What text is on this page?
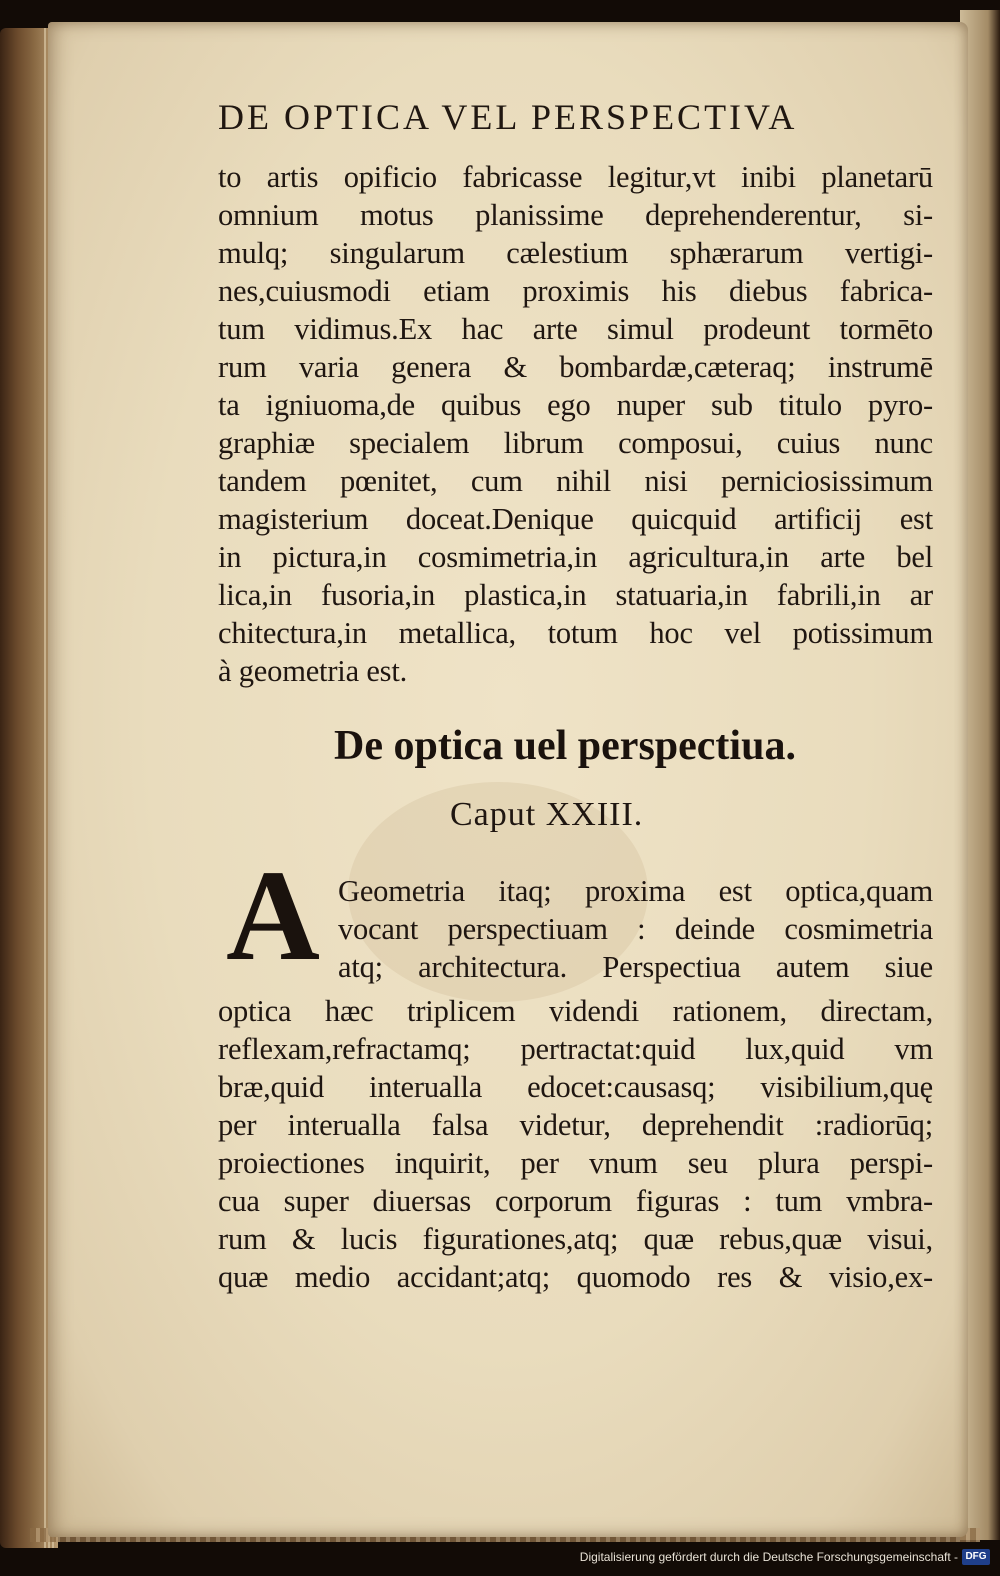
DE OPTICA VEL PERSPECTIVA
to artis opificio fabricasse legitur,vt inibi planetarū
omnium motus planissime deprehenderentur, si-
mulq; singularum cælestium sphærarum vertigi-
nes,cuiusmodi etiam proximis his diebus fabrica-
tum vidimus.Ex hac arte simul prodeunt tormēto
rum varia genera & bombardæ,cæteraq; instrumē
ta igniuoma,de quibus ego nuper sub titulo pyro-
graphiæ specialem librum composui, cuius nunc
tandem pœnitet, cum nihil nisi perniciosissimum
magisterium doceat.Denique quicquid artificij est
in pictura,in cosmimetria,in agricultura,in arte bel
lica,in fusoria,in plastica,in statuaria,in fabrili,in ar
chitectura,in metallica, totum hoc vel potissimum
à geometria est.
De optica uel perspectiua.
Caput XXIII.
A Geometria itaq; proxima est optica,quam
vocant perspectiuam : deinde cosmimetria
atq; architectura. Perspectiua autem siue
optica hæc triplicem videndi rationem, directam,
reflexam,refractamq; pertractat:quid lux,quid vm
bræ,quid interualla edocet:causasq; visibilium,quę
per interualla falsa videtur, deprehendit :radiorūq;
proiectiones inquirit, per vnum seu plura perspi-
cua super diuersas corporum figuras : tum vmbra-
rum & lucis figurationes,atq; quæ rebus,quæ visui,
quæ medio accidant;atq; quomodo res & visio,ex-
Digitalisierung gefördert durch die Deutsche Forschungsgemeinschaft - DFG
